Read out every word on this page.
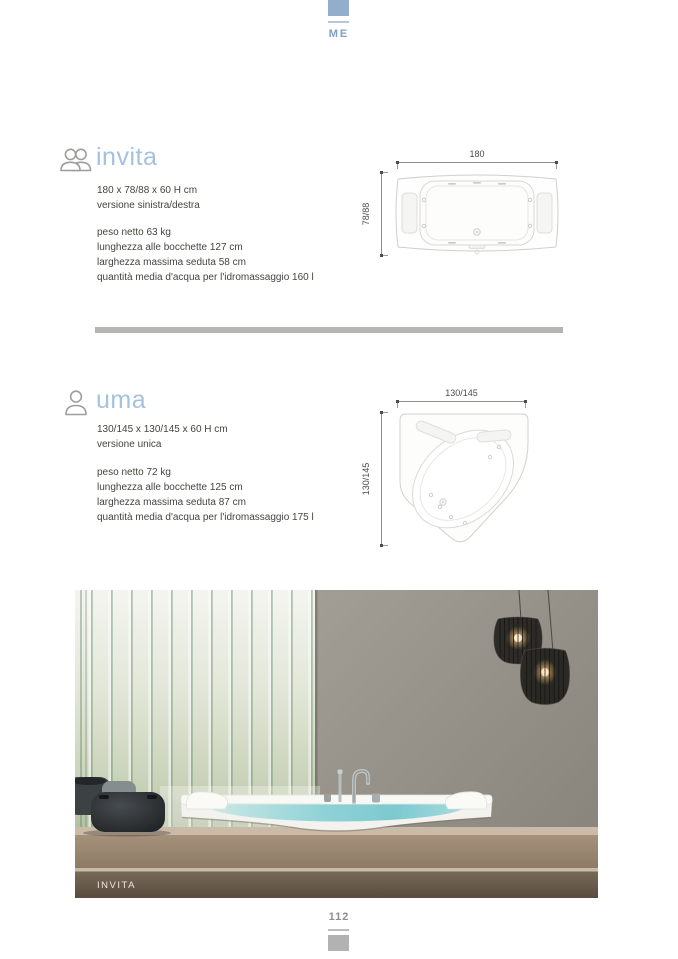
ME
invita
180 x 78/88 x 60 H cm
versione sinistra/destra
peso netto 63 kg
lunghezza alle bocchette 127 cm
larghezza massima seduta 58 cm
quantità media d'acqua per l'idromassaggio 160 l
180
78/88
uma
130/145 x 130/145 x 60 H cm
versione unica
peso netto 72 kg
lunghezza alle bocchette 125 cm
larghezza massima seduta 87 cm
quantità media d'acqua per l'idromassaggio 175 l
130/145
130/145
INVITA
112
